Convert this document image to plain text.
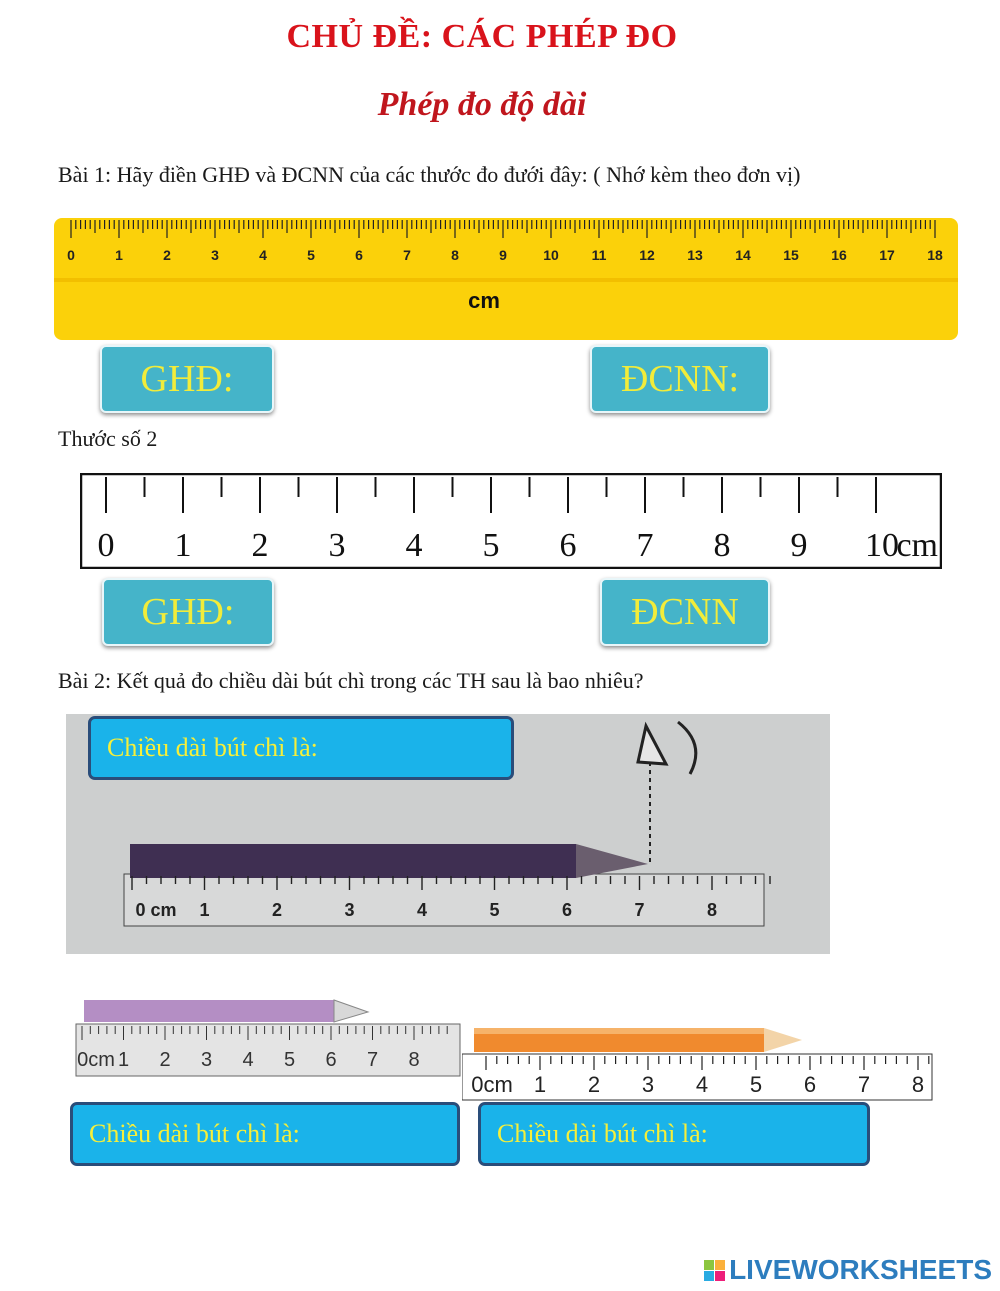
CHỦ ĐỀ: CÁC PHÉP ĐO
Phép đo độ dài
Bài 1: Hãy điền GHĐ và ĐCNN của các thước đo đưới đây: ( Nhớ kèm theo đơn vị)
0	1	2	3	4	5	6	7	8	9	10 11 12 13 14 15 16 17 18
cm
GHĐ:	ĐCNN:
Thước số 2
0 1 2 3 4 5 6 7 8 9 10
cm
GHĐ:	ĐCNN
Bài 2: Kết quả đo chiều dài bút chì trong các TH sau là bao nhiêu?
0 cm 1	2	3	4	5	6	7	8
Chiều dài bút chì là:
0cm 1 2 3 4 5 6 7 8
Chiều dài bút chì là:
0cm 1 2 3 4 5 6 7 8
Chiều dài bút chì là:
LIVEWORKSHEETS
